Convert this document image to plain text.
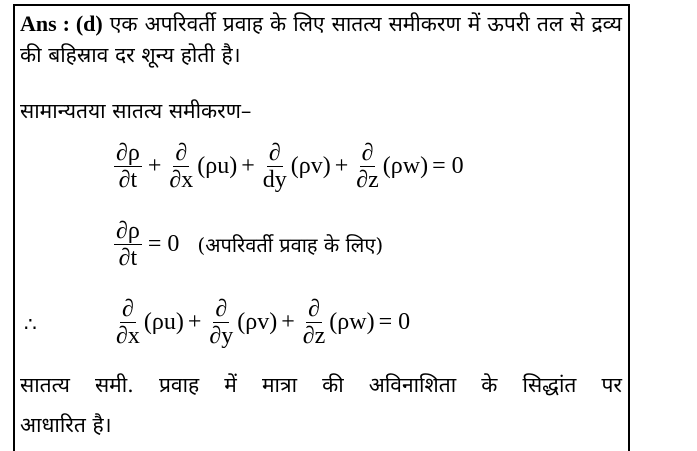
Ans : (d) एक अपरिवर्ती प्रवाह के लिए सातत्य समीकरण में ऊपरी तल से द्रव्य की बहिस्राव दर शून्य होती है।
सामान्यतया सातत्य समीकरण–
$\frac{\partial\rho}{\partial t} + \frac{\partial}{\partial x} (\rho u) + \frac{\partial}{dy} (\rho v) + \frac{\partial}{\partial z} (\rho w) = 0$
$\frac{\partial\rho}{\partial t} = 0$ (अपरिवर्ती प्रवाह के लिए)
∴	$\frac{\partial}{\partial x} (\rho u) + \frac{\partial}{\partial y} (\rho v) + \frac{\partial}{\partial z} (\rho w) = 0$
सातत्य समी. प्रवाह में मात्रा की अविनाशिता के सिद्धांत पर
आधारित है।
